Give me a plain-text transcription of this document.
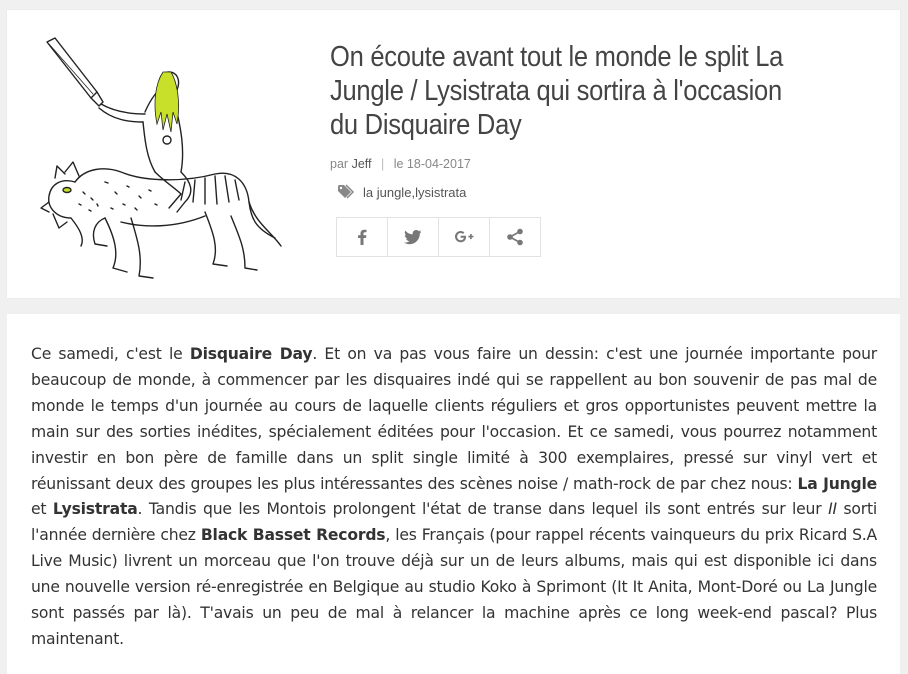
On écoute avant tout le monde le split La Jungle / Lysistrata qui sortira à l'occasion du Disquaire Day
par Jeff | le 18-04-2017
la jungle , lysistrata

Ce samedi, c'est le Disquaire Day. Et on va pas vous faire un dessin: c'est une journée importante pour beaucoup de monde, à commencer par les disquaires indé qui se rappellent au bon souvenir de pas mal de monde le temps d'un journée au cours de laquelle clients réguliers et gros opportunistes peuvent mettre la main sur des sorties inédites, spécialement éditées pour l'occasion. Et ce samedi, vous pourrez notamment investir en bon père de famille dans un split single limité à 300 exemplaires, pressé sur vinyl vert et réunissant deux des groupes les plus intéressantes des scènes noise / math-rock de par chez nous: La Jungle et Lysistrata. Tandis que les Montois prolongent l'état de transe dans lequel ils sont entrés sur leur II sorti l'année dernière chez Black Basset Records, les Français (pour rappel récents vainqueurs du prix Ricard S.A Live Music) livrent un morceau que l'on trouve déjà sur un de leurs albums, mais qui est disponible ici dans une nouvelle version ré-enregistrée en Belgique au studio Koko à Sprimont (It It Anita, Mont-Doré ou La Jungle sont passés par là). T'avais un peu de mal à relancer la machine après ce long week-end pascal? Plus maintenant.
